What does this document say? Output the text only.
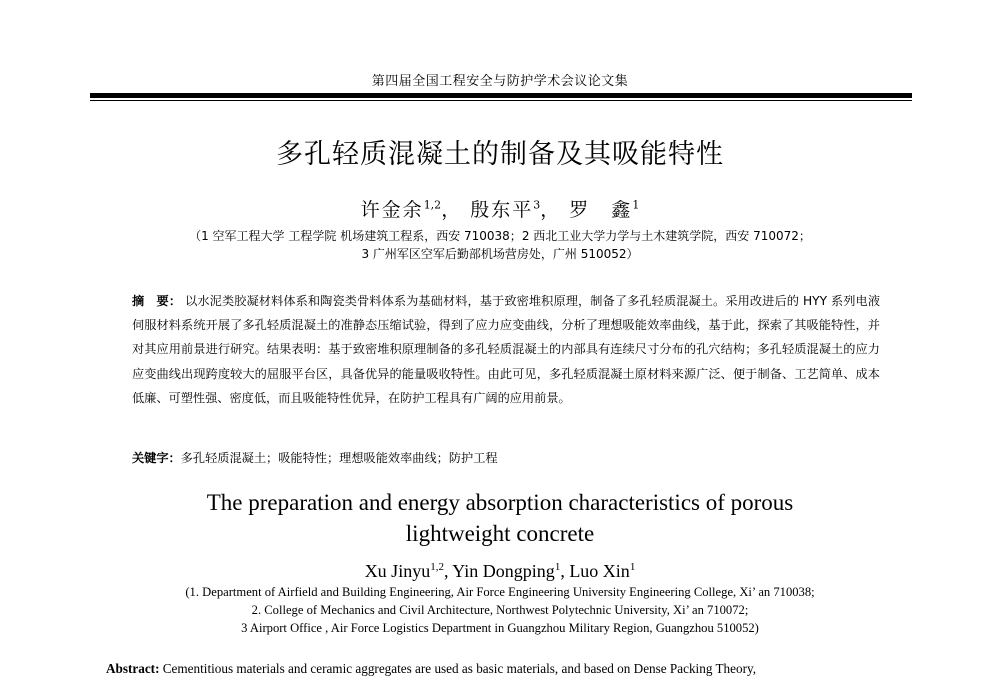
第四届全国工程安全与防护学术会议论文集
多孔轻质混凝土的制备及其吸能特性
许金余$^{1,2}$， 殷东平$^3$， 罗　鑫$^1$
（1 空军工程大学 工程学院 机场建筑工程系，西安 710038；2 西北工业大学力学与土木建筑学院，西安 710072；
3 广州军区空军后勤部机场营房处，广州 510052）
摘　要： 以水泥类胶凝材料体系和陶瓷类骨料体系为基础材料，基于致密堆积原理，制备了多孔轻质混凝土。采用改进后的 HYY 系列电液伺服材料系统开展了多孔轻质混凝土的准静态压缩试验，得到了应力应变曲线，分析了理想吸能效率曲线，基于此，探索了其吸能特性，并对其应用前景进行研究。结果表明：基于致密堆积原理制备的多孔轻质混凝土的内部具有连续尺寸分布的孔穴结构；多孔轻质混凝土的应力应变曲线出现跨度较大的屈服平台区，具备优异的能量吸收特性。由此可见，多孔轻质混凝土原材料来源广泛、便于制备、工艺简单、成本低廉、可塑性强、密度低，而且吸能特性优异，在防护工程具有广阔的应用前景。
关键字：多孔轻质混凝土；吸能特性；理想吸能效率曲线；防护工程
The preparation and energy absorption characteristics of porous
lightweight concrete
Xu Jinyu$^{1,2}$, Yin Dongping$^1$, Luo Xin$^1$
(1. Department of Airfield and Building Engineering, Air Force Engineering University Engineering College, Xi’ an 710038;
2. College of Mechanics and Civil Architecture, Northwest Polytechnic University, Xi’ an 710072;
3 Airport Office , Air Force Logistics Department in Guangzhou Military Region, Guangzhou 510052)
Abstract: Cementitious materials and ceramic aggregates are used as basic materials, and based on Dense Packing Theory,
